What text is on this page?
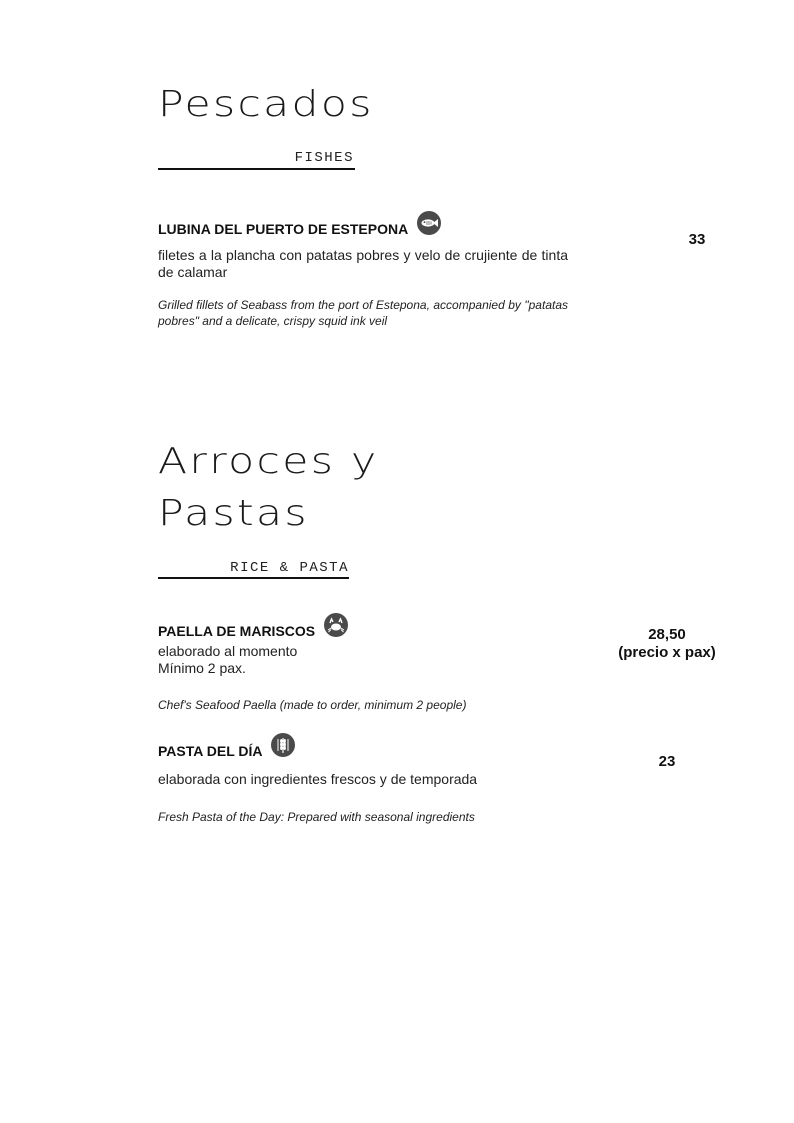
Pescados
FISHES
LUBINA DEL PUERTO DE ESTEPONA
filetes a la plancha con patatas pobres y velo de crujiente de tinta de calamar
Grilled fillets of Seabass from the port of Estepona, accompanied by "patatas pobres" and a delicate, crispy squid ink veil
33
Arroces y
Pastas
RICE & PASTA
PAELLA DE MARISCOS
elaborado al momento
Mínimo 2 pax.
Chef's Seafood Paella (made to order, minimum 2 people)
28,50
(precio x pax)
PASTA DEL DÍA
elaborada con ingredientes frescos y de temporada
Fresh Pasta of the Day: Prepared with seasonal ingredients
23
